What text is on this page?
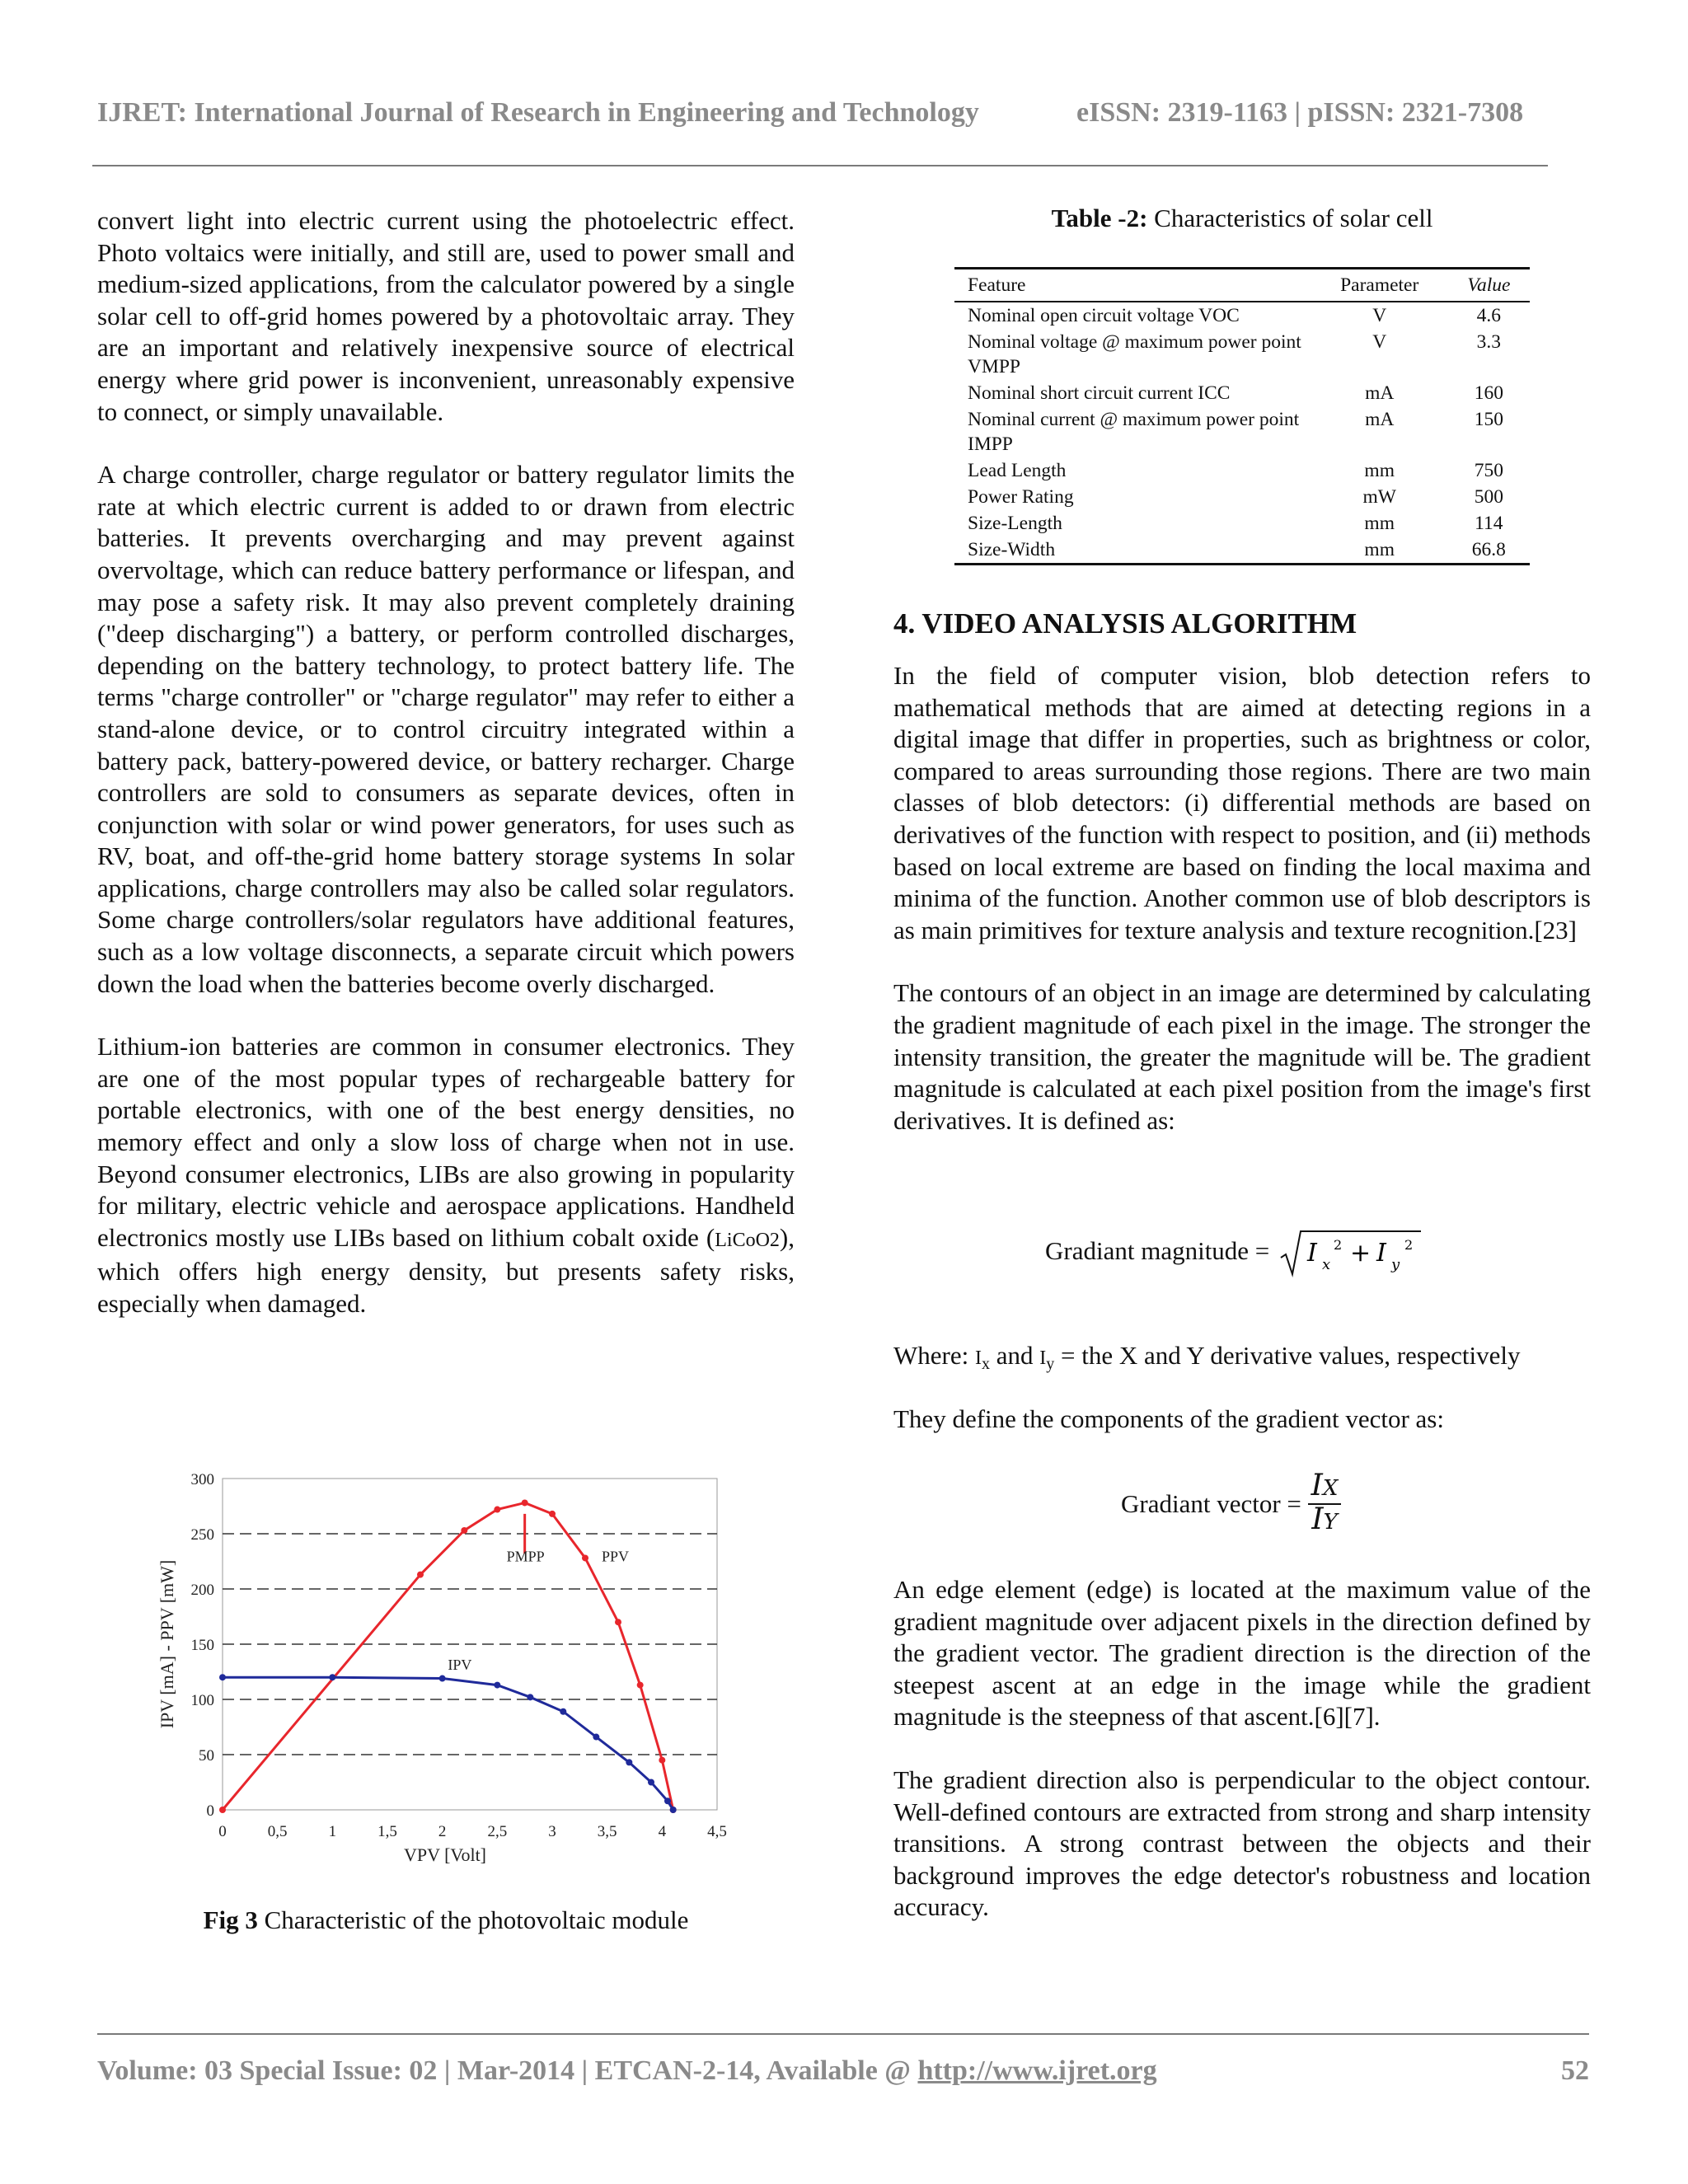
IJRET: International Journal of Research in Engineering and Technology	eISSN: 2319-1163 | pISSN: 2321-7308

convert light into electric current using the photoelectric effect. Photo voltaics were initially, and still are, used to power small and medium-sized applications, from the calculator powered by a single solar cell to off-grid homes powered by a photovoltaic array. They are an important and relatively inexpensive source of electrical energy where grid power is inconvenient, unreasonably expensive to connect, or simply unavailable.

A charge controller, charge regulator or battery regulator limits the rate at which electric current is added to or drawn from electric batteries. It prevents overcharging and may prevent against overvoltage, which can reduce battery performance or lifespan, and may pose a safety risk. It may also prevent completely draining ("deep discharging") a battery, or perform controlled discharges, depending on the battery technology, to protect battery life. The terms "charge controller" or "charge regulator" may refer to either a stand-alone device, or to control circuitry integrated within a battery pack, battery-powered device, or battery recharger. Charge controllers are sold to consumers as separate devices, often in conjunction with solar or wind power generators, for uses such as RV, boat, and off-the-grid home battery storage systems In solar applications, charge controllers may also be called solar regulators. Some charge controllers/solar regulators have additional features, such as a low voltage disconnects, a separate circuit which powers down the load when the batteries become overly discharged.

Lithium-ion batteries are common in consumer electronics. They are one of the most popular types of rechargeable battery for portable electronics, with one of the best energy densities, no memory effect and only a slow loss of charge when not in use. Beyond consumer electronics, LIBs are also growing in popularity for military, electric vehicle and aerospace applications. Handheld electronics mostly use LIBs based on lithium cobalt oxide (LiCoO2), which offers high energy density, but presents safety risks, especially when damaged.

0
50
100
150
200
250
300
0	0,5	1	1,5	2	2,5	3	3,5	4	4,5
VPV [Volt]
IPV [mA] - PPV [mW]
PMPP	PPV
IPV
Fig 3 Characteristic of the photovoltaic module
Table -2: Characteristics of solar cell
Feature	Parameter	Value
Nominal open circuit voltage VOC	V	4.6
Nominal voltage @ maximum power point VMPP	V	3.3
Nominal short circuit current ICC	mA	160
Nominal current @ maximum power point IMPP	mA	150
Lead Length	mm	750
Power Rating	mW	500
Size-Length	mm	114
Size-Width	mm	66.8
4. VIDEO ANALYSIS ALGORITHM

In the field of computer vision, blob detection refers to mathematical methods that are aimed at detecting regions in a digital image that differ in properties, such as brightness or color, compared to areas surrounding those regions. There are two main classes of blob detectors: (i) differential methods are based on derivatives of the function with respect to position, and (ii) methods based on local extreme are based on finding the local maxima and minima of the function. Another common use of blob descriptors is as main primitives for texture analysis and texture recognition.[23]

The contours of an object in an image are determined by calculating the gradient magnitude of each pixel in the image. The stronger the intensity transition, the greater the magnitude will be. The gradient magnitude is calculated at each pixel position from the image's first derivatives. It is defined as:

Gradiant magnitude = I x
2 + I y
2

Where: $I_x$ and $I_y$ = the X and Y derivative values, respectively

They define the components of the gradient vector as:

Gradiant vector = $\frac{IX}{IY}$

An edge element (edge) is located at the maximum value of the gradient magnitude over adjacent pixels in the direction defined by the gradient vector. The gradient direction is the direction of the steepest ascent at an edge in the image while the gradient magnitude is the steepness of that ascent.[6][7].

The gradient direction also is perpendicular to the object contour. Well-defined contours are extracted from strong and sharp intensity transitions. A strong contrast between the objects and their background improves the edge detector's robustness and location accuracy.

Volume: 03 Special Issue: 02 | Mar-2014 | ETCAN-2-14, Available @ http://www.ijret.org	52
